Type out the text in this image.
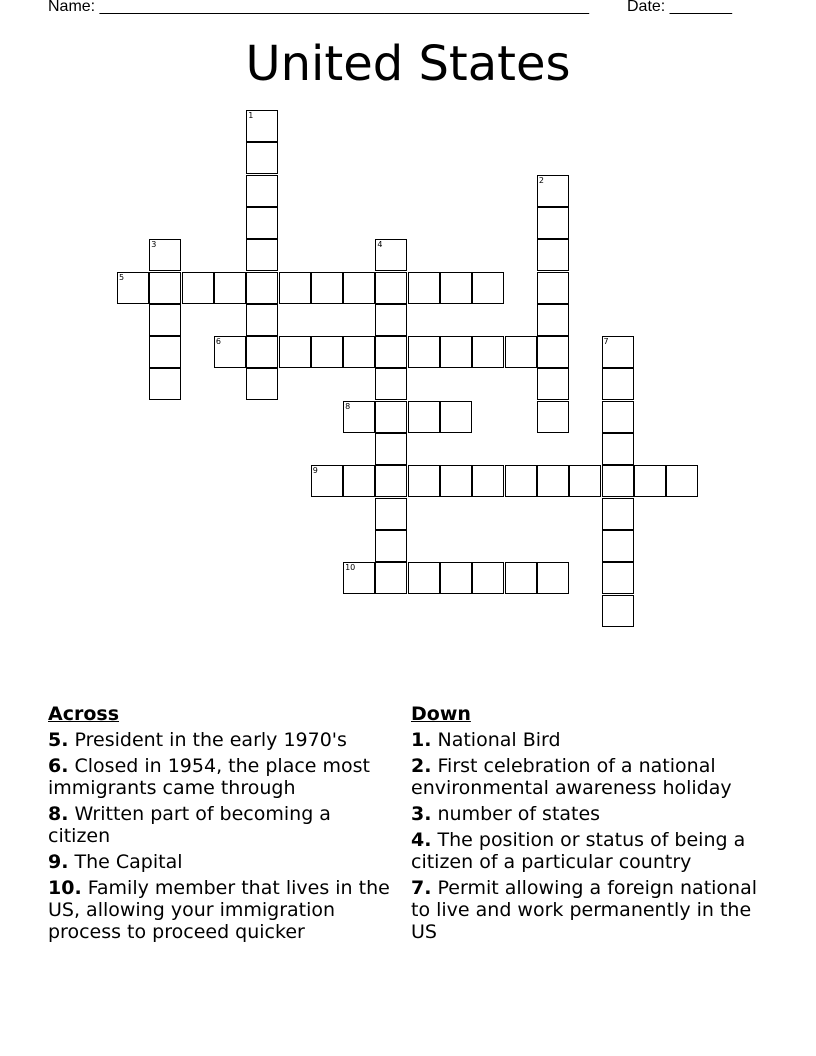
Name: _______________________________________________________ Date: _______
United States
1
2
3	4
5
6	7
8
9
10
Across
5. President in the early 1970's
6. Closed in 1954, the place most immigrants came through
8. Written part of becoming a citizen
9. The Capital
10. Family member that lives in the US, allowing your immigration process to proceed quicker
Down
1. National Bird
2. First celebration of a national environmental awareness holiday
3. number of states
4. The position or status of being a citizen of a particular country
7. Permit allowing a foreign national to live and work permanently in the US
